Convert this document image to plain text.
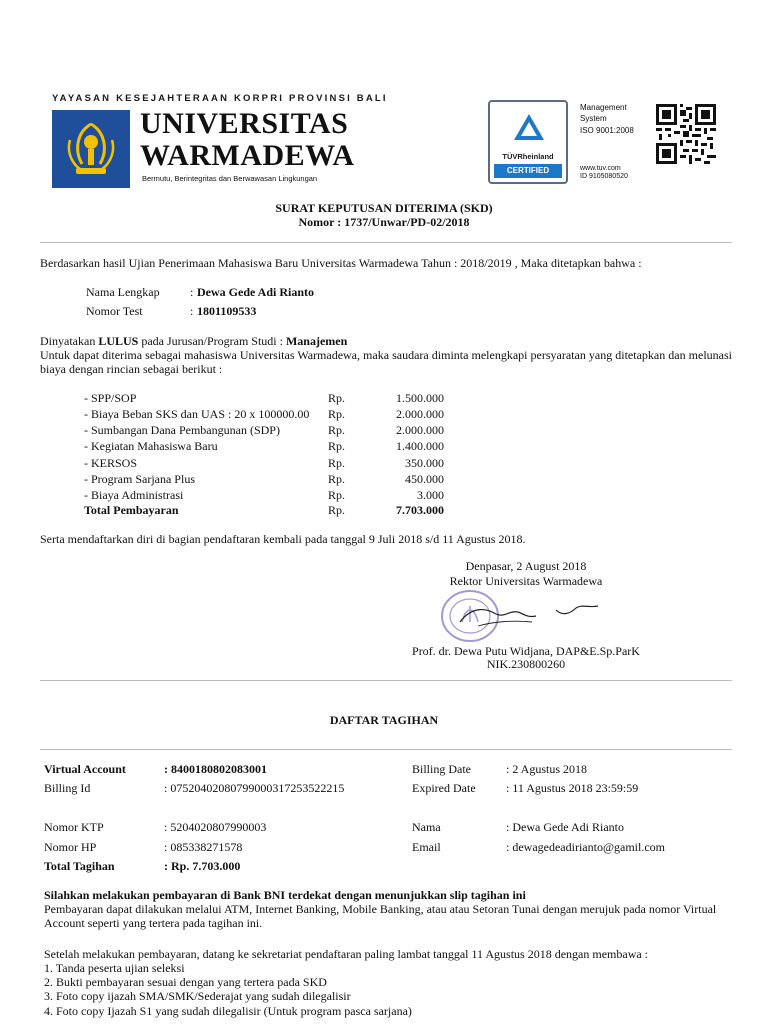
YAYASAN KESEJAHTERAAN KORPRI PROVINSI BALI
UNIVERSITAS
WARMADEWA
Bermutu, Berintegritas dan Berwawasan Lingkungan
TÜVRheinland
CERTIFIED
Management
System
ISO 9001:2008
www.tuv.com
ID 9105080520
SURAT KEPUTUSAN DITERIMA (SKD)
Nomor : 1737/Unwar/PD-02/2018
Berdasarkan hasil Ujian Penerimaan Mahasiswa Baru Universitas Warmadewa Tahun : 2018/2019 , Maka ditetapkan bahwa :
Nama Lengkap	: Dewa Gede Adi Rianto
Nomor Test	: 1801109533
Dinyatakan LULUS pada Jurusan/Program Studi : Manajemen
Untuk dapat diterima sebagai mahasiswa Universitas Warmadewa, maka saudara diminta melengkapi persyaratan yang ditetapkan dan melunasi biaya dengan rincian sebagai berikut :
- SPP/SOP	Rp.	1.500.000
- Biaya Beban SKS dan UAS : 20 x 100000.00 Rp.	2.000.000
- Sumbangan Dana Pembangunan (SDP)	Rp.	2.000.000
- Kegiatan Mahasiswa Baru	Rp.	1.400.000
- KERSOS	Rp.	350.000
- Program Sarjana Plus	Rp.	450.000
- Biaya Administrasi	Rp.	3.000
Total Pembayaran	Rp.	7.703.000
Serta mendaftarkan diri di bagian pendaftaran kembali pada tanggal 9 Juli 2018 s/d 11 Agustus 2018.
Denpasar, 2 August 2018
Rektor Universitas Warmadewa
Prof. dr. Dewa Putu Widjana, DAP&E.Sp.ParK
NIK.230800260
DAFTAR TAGIHAN
Virtual Account	: 8400180802083001	Billing Date	: 2 Agustus 2018
Billing Id	: 07520402080799000317253522215	Expired Date	: 11 Agustus 2018 23:59:59
Nomor KTP	: 5204020807990003	Nama	: Dewa Gede Adi Rianto
Nomor HP	: 085338271578	Email	: dewagedeadirianto@gamil.com
Total Tagihan	: Rp. 7.703.000
Silahkan melakukan pembayaran di Bank BNI terdekat dengan menunjukkan slip tagihan ini
Pembayaran dapat dilakukan melalui ATM, Internet Banking, Mobile Banking, atau atau Setoran Tunai dengan merujuk pada nomor Virtual Account seperti yang tertera pada tagihan ini.
Setelah melakukan pembayaran, datang ke sekretariat pendaftaran paling lambat tanggal 11 Agustus 2018 dengan membawa :
1. Tanda peserta ujian seleksi
2. Bukti pembayaran sesuai dengan yang tertera pada SKD
3. Foto copy ijazah SMA/SMK/Sederajat yang sudah dilegalisir
4. Foto copy Ijazah S1 yang sudah dilegalisir (Untuk program pasca sarjana)
